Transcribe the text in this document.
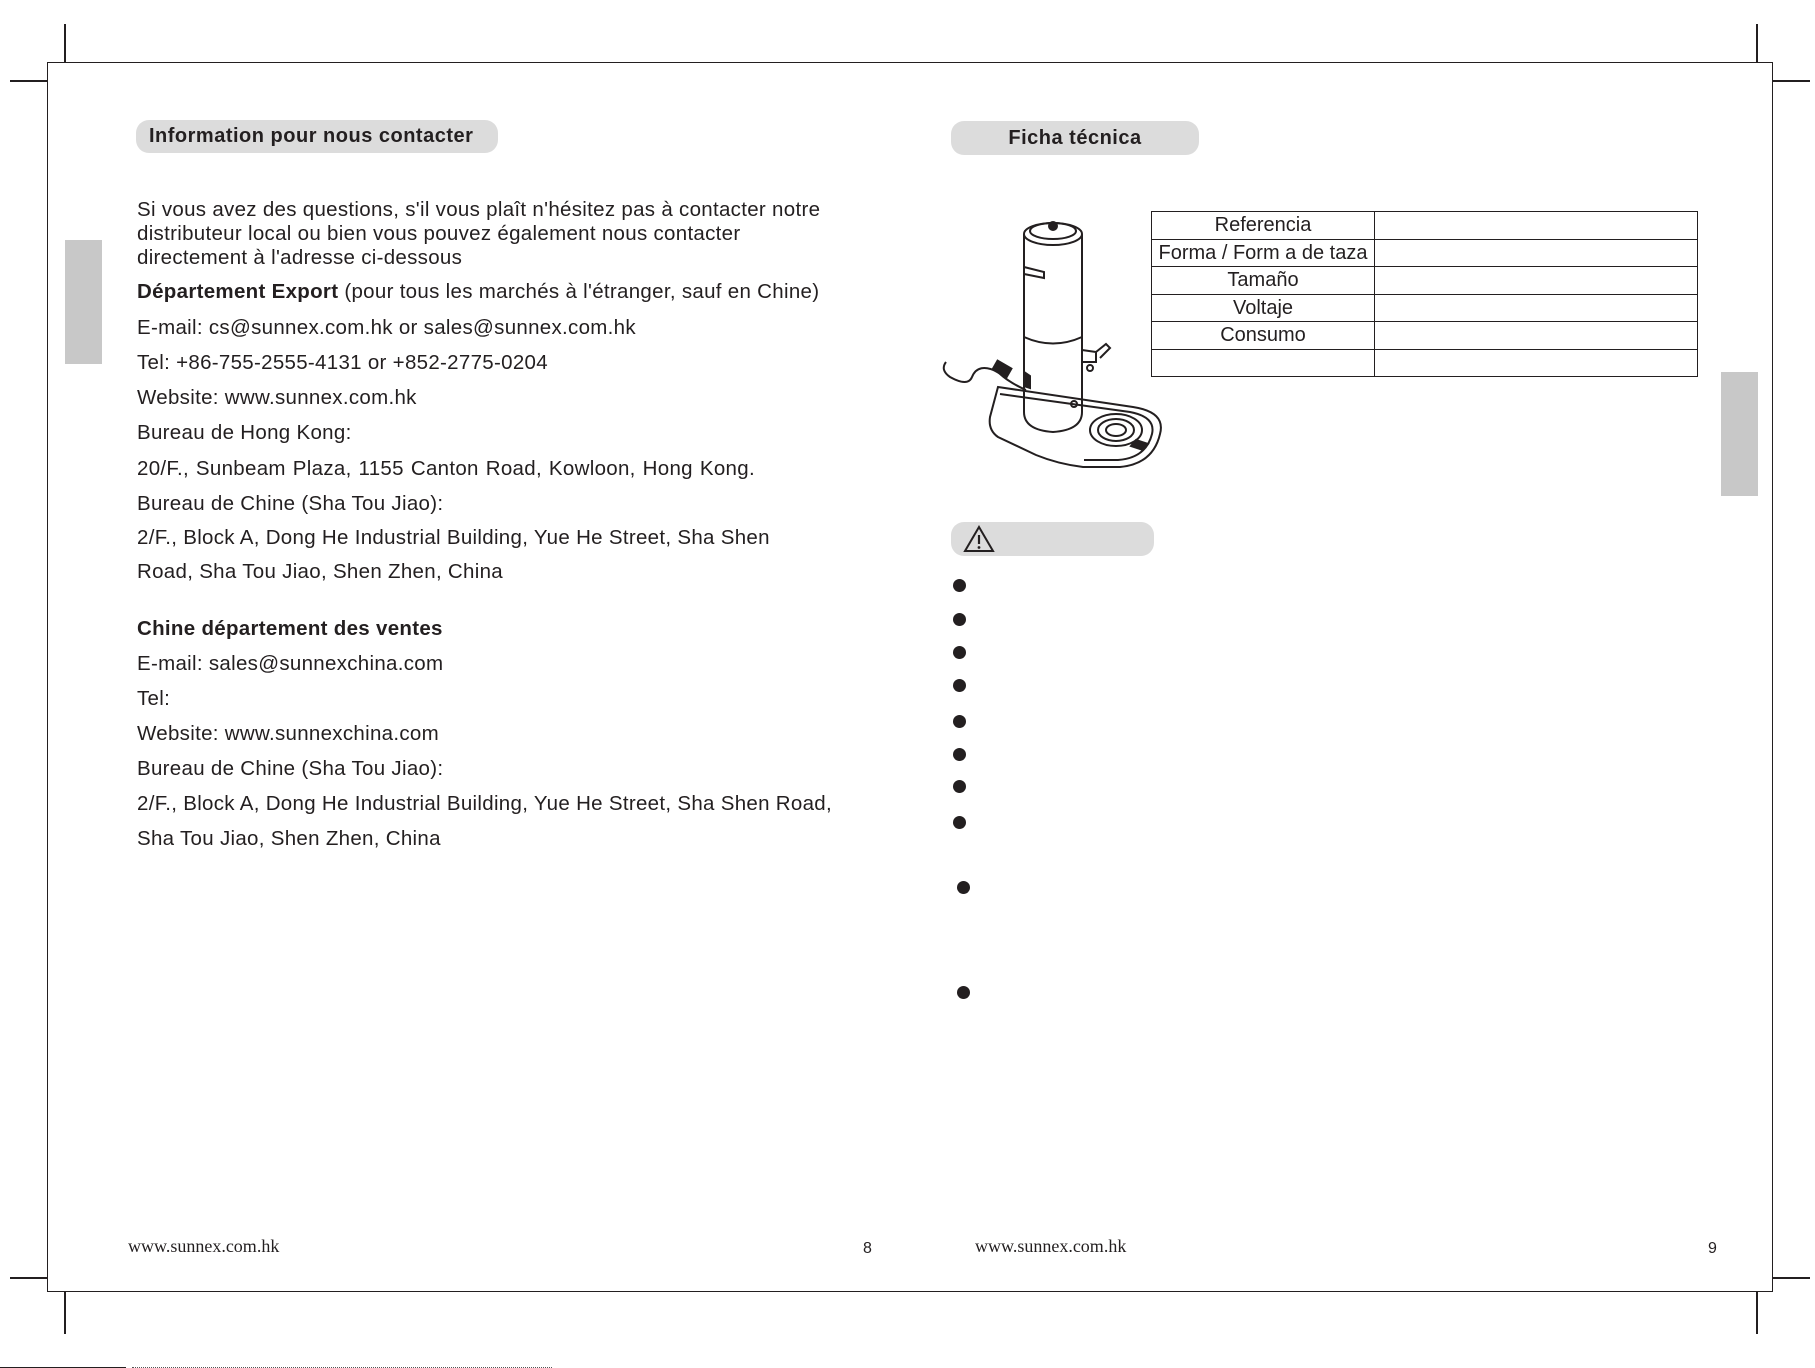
Information pour nous contacter
Si vous avez des questions, s'il vous plaît n'hésitez pas à contacter notre
distributeur local ou bien vous pouvez également nous contacter
directement à l'adresse ci-dessous
Département Export (pour tous les marchés à l'étranger, sauf en Chine)
E-mail: cs@sunnex.com.hk or sales@sunnex.com.hk
Tel: +86-755-2555-4131 or +852-2775-0204
Website: www.sunnex.com.hk
Bureau de Hong Kong:
20/F., Sunbeam Plaza, 1155 Canton Road, Kowloon, Hong Kong.
Bureau de Chine (Sha Tou Jiao):
2/F., Block A, Dong He Industrial Building, Yue He Street, Sha Shen
Road, Sha Tou Jiao, Shen Zhen, China
Chine département des ventes
E-mail: sales@sunnexchina.com
Tel:
Website: www.sunnexchina.com
Bureau de Chine (Sha Tou Jiao):
2/F., Block A, Dong He Industrial Building, Yue He Street, Sha Shen Road,
Sha Tou Jiao, Shen Zhen, China
www.sunnex.com.hk	8
Ficha técnica
Referencia	
Forma / Form a de taza	
Tamaño	
Voltaje	
Consumo	

www.sunnex.com.hk	9
